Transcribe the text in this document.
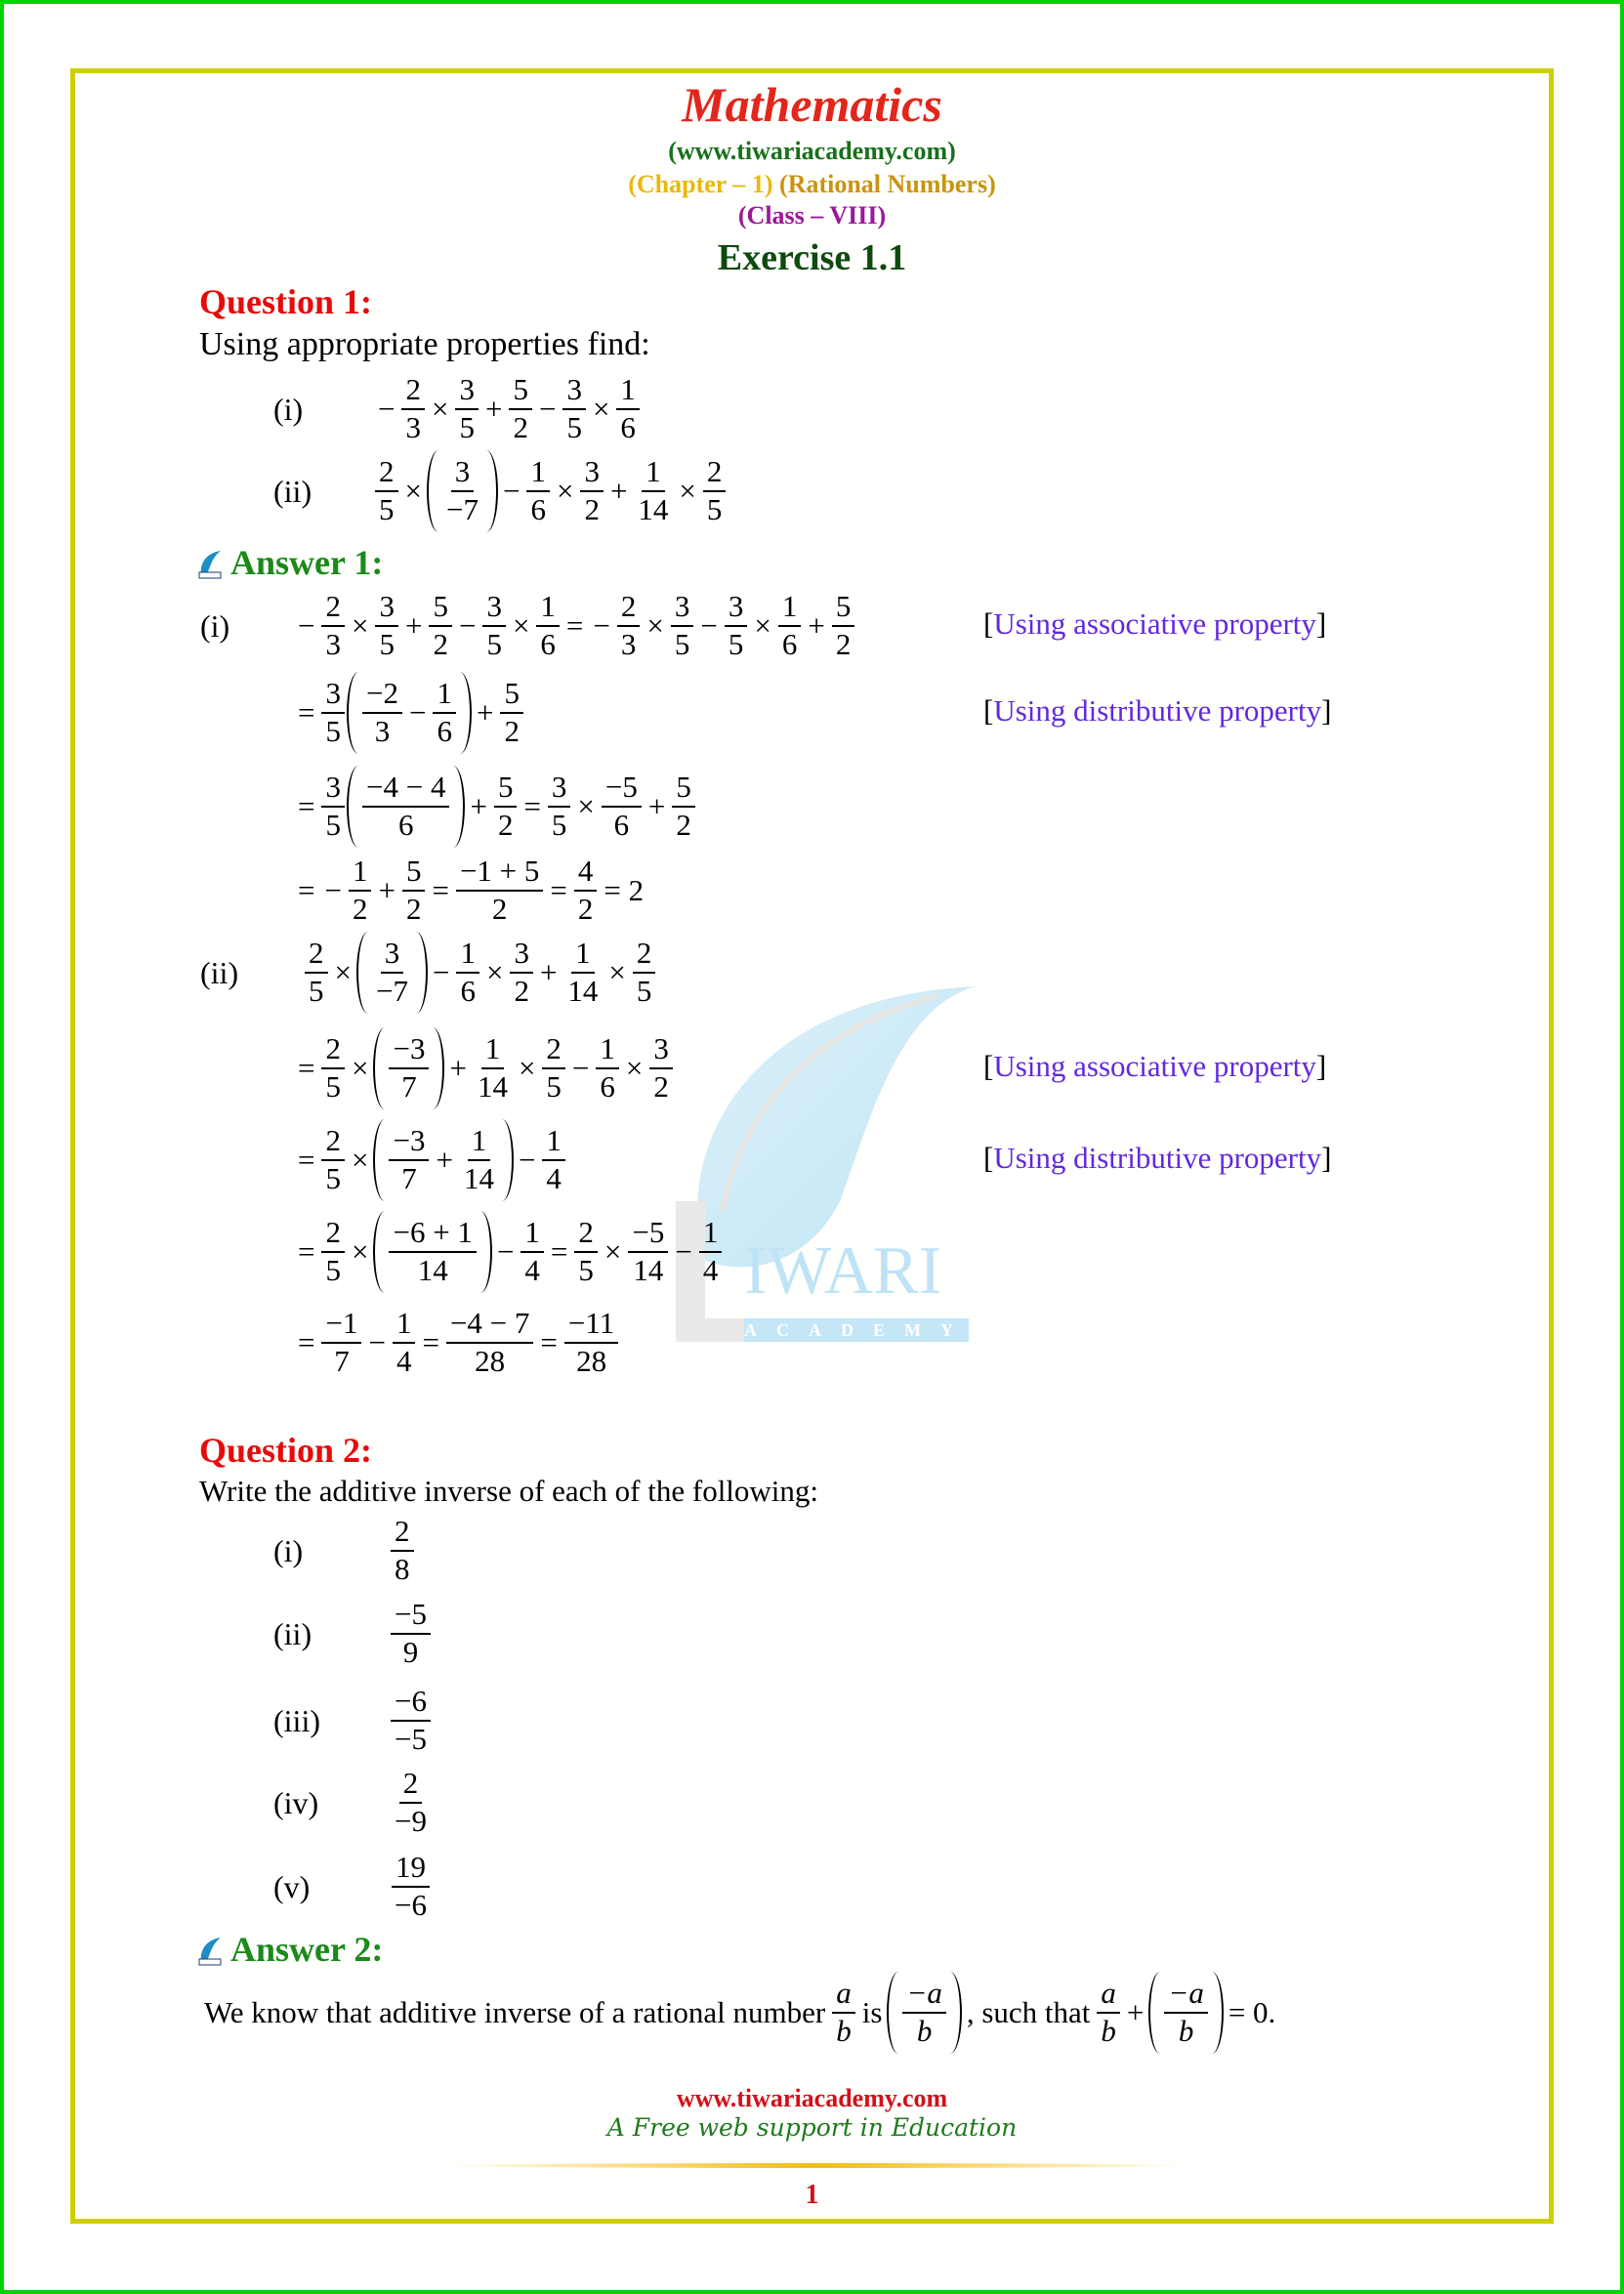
IWARI
ACADEMY
Mathematics
(www.tiwariacademy.com)
(Chapter – 1) (Rational Numbers)
(Class – VIII)
Exercise 1.1
Question 1:
Using appropriate properties find:
$(i) - \frac{2}{3} \times \frac{3}{5} + \frac{5}{2} - \frac{3}{5} \times \frac{1}{6}$
$(ii) \frac{2}{5} \times \frac{3}{-7} - \frac{1}{6} \times \frac{3}{2} + \frac{1}{14} \times \frac{2}{5}$
Answer 1:
$(i) - \frac{2}{3} \times \frac{3}{5} + \frac{5}{2} - \frac{3}{5} \times \frac{1}{6}$ = − $\frac{2}{3} \times \frac{3}{5} - \frac{3}{5} \times \frac{1}{6} + \frac{5}{2}$	[Using associative property]
= $\frac{3}{5} \frac{-2}{3} - \frac{1}{6} + \frac{5}{2}$	[Using distributive property]
= $\frac{3}{5} \frac{-4 - 4}{6} + \frac{5}{2} = \frac{3}{5} \times \frac{-5}{6} + \frac{5}{2}$
= − $\frac{1}{2} + \frac{5}{2} = \frac{-1 + 5}{2} = \frac{4}{2} = 2$
$(ii) \frac{2}{5} \times \frac{3}{-7} - \frac{1}{6} \times \frac{3}{2} + \frac{1}{14} \times \frac{2}{5}$
= $\frac{2}{5} \times \frac{-3}{7} + \frac{1}{14} \times \frac{2}{5} - \frac{1}{6} \times \frac{3}{2}$	[Using associative property]
= $\frac{2}{5} \times \frac{-3}{7} + \frac{1}{14} - \frac{1}{4}$	[Using distributive property]
= $\frac{2}{5} \times \frac{-6 + 1}{14} - \frac{1}{4} = \frac{2}{5} \times \frac{-5}{14} - \frac{1}{4}$
= $\frac{-1}{7} - \frac{1}{4} = \frac{-4 - 7}{28} = \frac{-11}{28}$
Question 2:
Write the additive inverse of each of the following:
(i)	$\frac{2}{8}$
(ii)	$\frac{-5}{9}$
$(iii) \frac{-6}{-5}$
$(iv) \frac{2}{-9}$
(v)	$\frac{19}{-6}$
Answer 2:
We know that additive inverse of a rational number $\frac{a}{b}$ is $\frac{-a}{b}$ , such that $\frac{a}{b} + \frac{-a}{b} = 0$.
www.tiwariacademy.com
A Free web support in Education
1
